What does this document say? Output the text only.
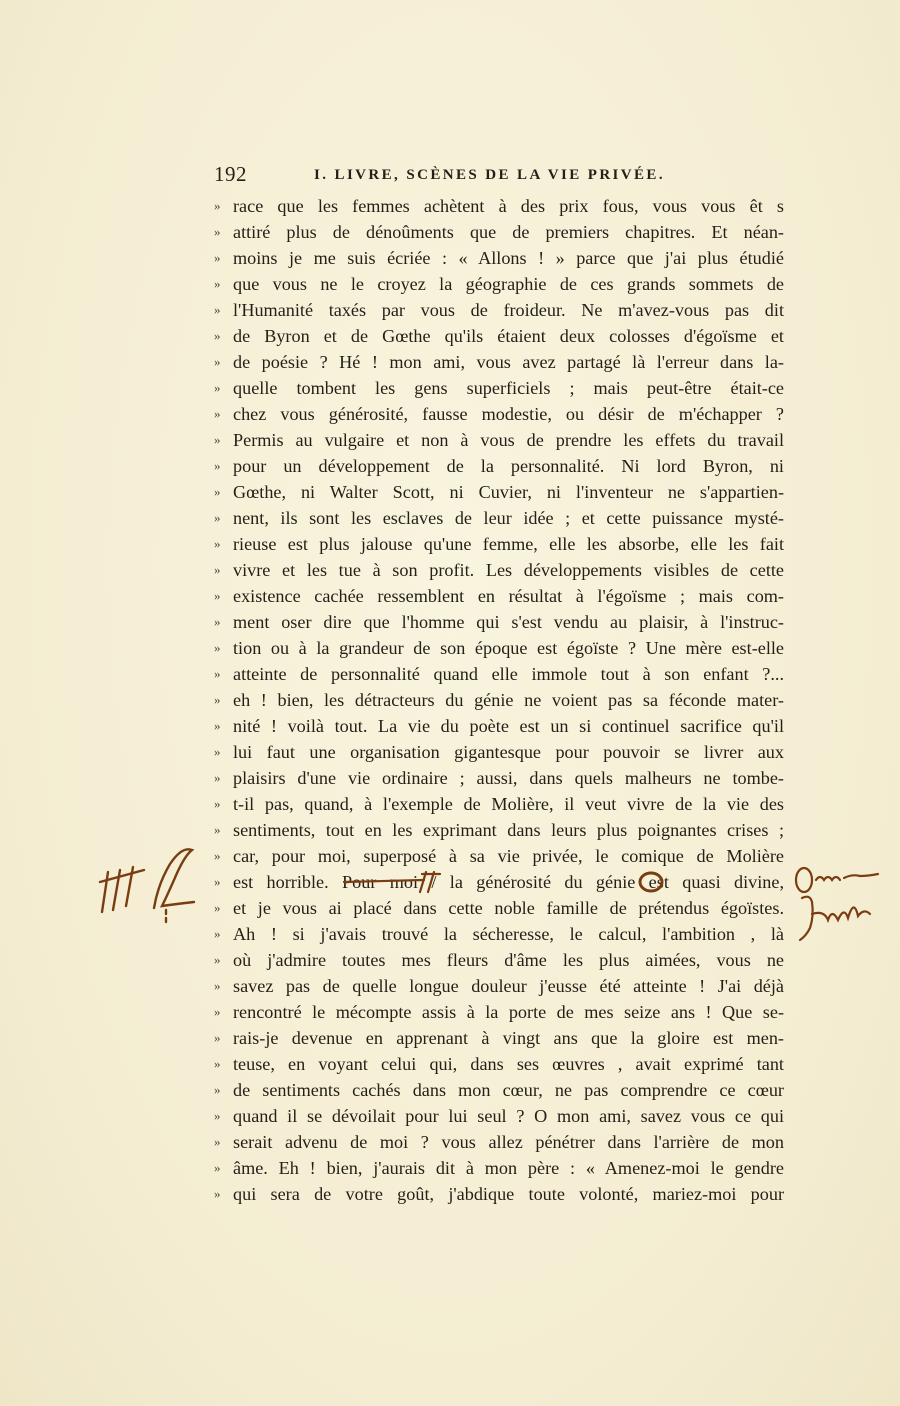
192	I. LIVRE, SCÈNES DE LA VIE PRIVÉE.
» race que les femmes achètent à des prix fous, vous vous êt s
» attiré plus de dénoûments que de premiers chapitres. Et néan-
» moins je me suis écriée : « Allons ! » parce que j'ai plus étudié
» que vous ne le croyez la géographie de ces grands sommets de
» l'Humanité taxés par vous de froideur. Ne m'avez-vous pas dit
» de Byron et de Gœthe qu'ils étaient deux colosses d'égoïsme et
» de poésie ? Hé ! mon ami, vous avez partagé là l'erreur dans la-
» quelle tombent les gens superficiels ; mais peut-être était-ce
» chez vous générosité, fausse modestie, ou désir de m'échapper ?
» Permis au vulgaire et non à vous de prendre les effets du travail
» pour un développement de la personnalité. Ni lord Byron, ni
» Gœthe, ni Walter Scott, ni Cuvier, ni l'inventeur ne s'appartien-
» nent, ils sont les esclaves de leur idée ; et cette puissance mysté-
» rieuse est plus jalouse qu'une femme, elle les absorbe, elle les fait
» vivre et les tue à son profit. Les développements visibles de cette
» existence cachée ressemblent en résultat à l'égoïsme ; mais com-
» ment oser dire que l'homme qui s'est vendu au plaisir, à l'instruc-
» tion ou à la grandeur de son époque est égoïste ? Une mère est-elle
» atteinte de personnalité quand elle immole tout à son enfant ?...
» eh ! bien, les détracteurs du génie ne voient pas sa féconde mater-
» nité ! voilà tout. La vie du poète est un si continuel sacrifice qu'il
» lui faut une organisation gigantesque pour pouvoir se livrer aux
» plaisirs d'une vie ordinaire ; aussi, dans quels malheurs ne tombe-
» t-il pas, quand, à l'exemple de Molière, il veut vivre de la vie des
» sentiments, tout en les exprimant dans leurs plus poignantes crises ;
» car, pour moi, superposé à sa vie privée, le comique de Molière
» est horrible. Pour moi / la générosité du génie est quasi divine,
» et je vous ai placé dans cette noble famille de prétendus égoïstes.
» Ah ! si j'avais trouvé la sécheresse, le calcul, l'ambition , là
» où j'admire toutes mes fleurs d'âme les plus aimées, vous ne
» savez pas de quelle longue douleur j'eusse été atteinte ! J'ai déjà
» rencontré le mécompte assis à la porte de mes seize ans ! Que se-
» rais-je devenue en apprenant à vingt ans que la gloire est men-
» teuse, en voyant celui qui, dans ses œuvres , avait exprimé tant
» de sentiments cachés dans mon cœur, ne pas comprendre ce cœur
» quand il se dévoilait pour lui seul ? O mon ami, savez vous ce qui
» serait advenu de moi ? vous allez pénétrer dans l'arrière de mon
» âme. Eh ! bien, j'aurais dit à mon père : « Amenez-moi le gendre
» qui sera de votre goût, j'abdique toute volonté, mariez-moi pour
